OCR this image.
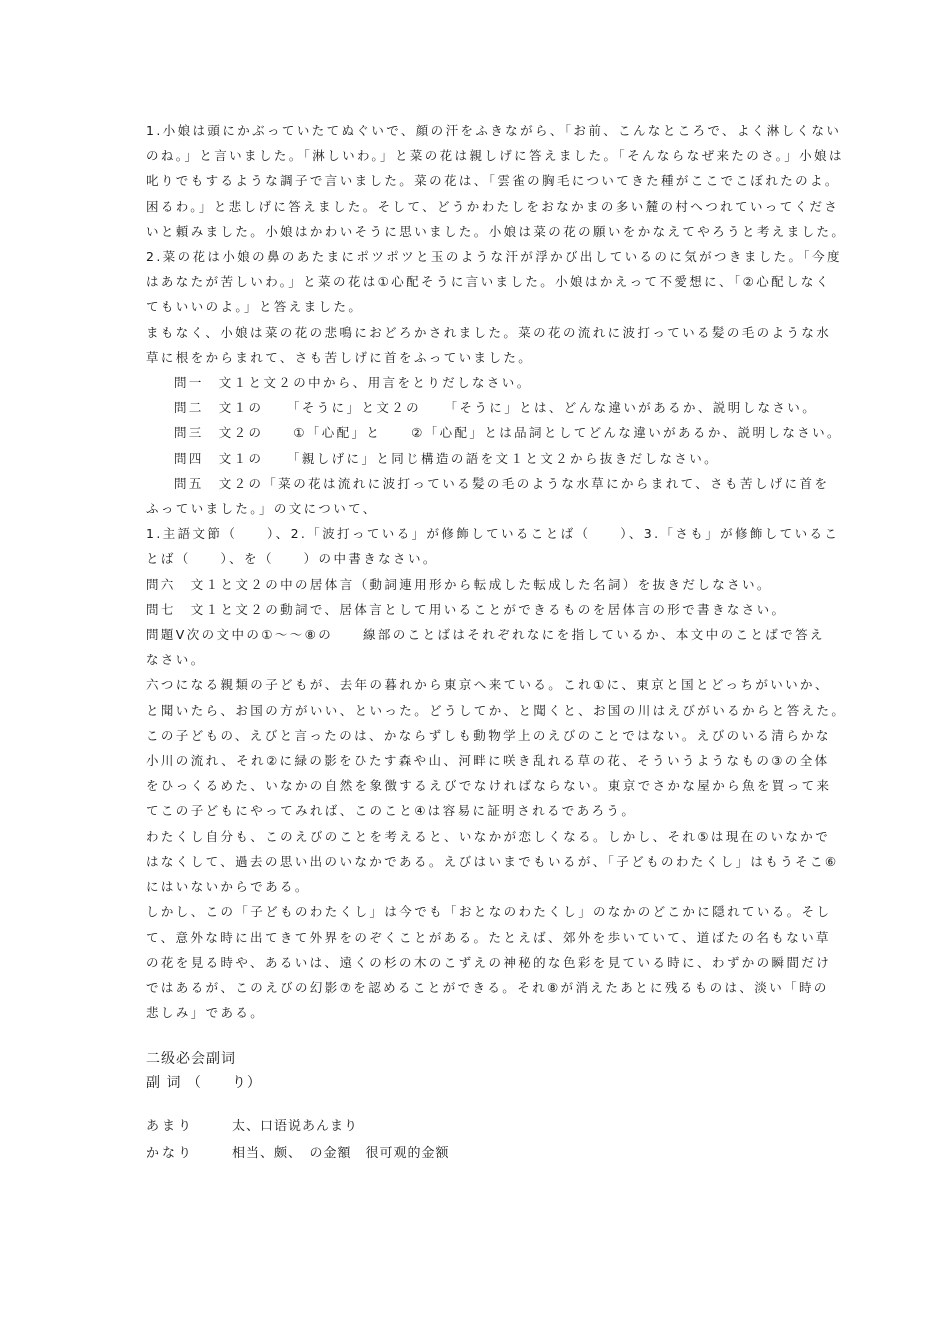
1.小娘は頭にかぶっていたてぬぐいで、顔の汗をふきながら、「お前、こんなところで、よく淋しくない
のね。」と言いました。「淋しいわ。」と菜の花は親しげに答えました。「そんならなぜ来たのさ。」小娘は
叱りでもするような調子で言いました。菜の花は、「雲雀の胸毛についてきた種がここでこぼれたのよ。
困るわ。」と悲しげに答えました。そして、どうかわたしをおなかまの多い麓の村へつれていってくださ
いと頼みました。小娘はかわいそうに思いました。小娘は菜の花の願いをかなえてやろうと考えました。
2.菜の花は小娘の鼻のあたまにポツポツと玉のような汗が浮かび出しているのに気がつきました。「今度
はあなたが苦しいわ。」と菜の花は①心配そうに言いました。小娘はかえって不愛想に、「②心配しなく
てもいいのよ。」と答えました。
まもなく、小娘は菜の花の悲鳴におどろかされました。菜の花の流れに波打っている髪の毛のような水
草に根をからまれて、さも苦しげに首をふっていました。
問一　文１と文２の中から、用言をとりだしなさい。
問二　文１の　　「そうに」と文２の　　「そうに」とは、どんな違いがあるか、説明しなさい。
問三　文２の　　①「心配」と　　②「心配」とは品詞としてどんな違いがあるか、説明しなさい。
問四　文１の　　「親しげに」と同じ構造の語を文１と文２から抜きだしなさい。
問五　文２の「菜の花は流れに波打っている髪の毛のような水草にからまれて、さも苦しげに首を
ふっていました。」の文について、
1.主語文節（　　）、2.「波打っている」が修飾していることば（　　）、3.「さも」が修飾しているこ
とば（　　）、を（　　）の中書きなさい。
問六　文１と文２の中の居体言（動詞連用形から転成した転成した名詞）を抜きだしなさい。
問七　文１と文２の動詞で、居体言として用いることができるものを居体言の形で書きなさい。
問題Ⅴ次の文中の①〜〜⑧の　　線部のことばはそれぞれなにを指しているか、本文中のことばで答え
なさい。
六つになる親類の子どもが、去年の暮れから東京へ来ている。これ①に、東京と国とどっちがいいか、
と聞いたら、お国の方がいい、といった。どうしてか、と聞くと、お国の川はえびがいるからと答えた。
この子どもの、えびと言ったのは、かならずしも動物学上のえびのことではない。えびのいる清らかな
小川の流れ、それ②に緑の影をひたす森や山、河畔に咲き乱れる草の花、そういうようなもの③の全体
をひっくるめた、いなかの自然を象徴するえびでなければならない。東京でさかな屋から魚を買って来
てこの子どもにやってみれば、このこと④は容易に証明されるであろう。
わたくし自分も、このえびのことを考えると、いなかが恋しくなる。しかし、それ⑤は現在のいなかで
はなくして、過去の思い出のいなかである。えびはいまでもいるが、「子どものわたくし」はもうそこ⑥
にはいないからである。
しかし、この「子どものわたくし」は今でも「おとなのわたくし」のなかのどこかに隠れている。そし
て、意外な時に出てきて外界をのぞくことがある。たとえば、郊外を歩いていて、道ばたの名もない草
の花を見る時や、あるいは、遠くの杉の木のこずえの神秘的な色彩を見ている時に、わずかの瞬間だけ
ではあるが、このえびの幻影⑦を認めることができる。それ⑧が消えたあとに残るものは、淡い「時の
悲しみ」である。
二级必会副词
副 词 （　　り）
あまり	太、口语说あんまり
かなり	相当、颇、　の金額　很可观的金额
